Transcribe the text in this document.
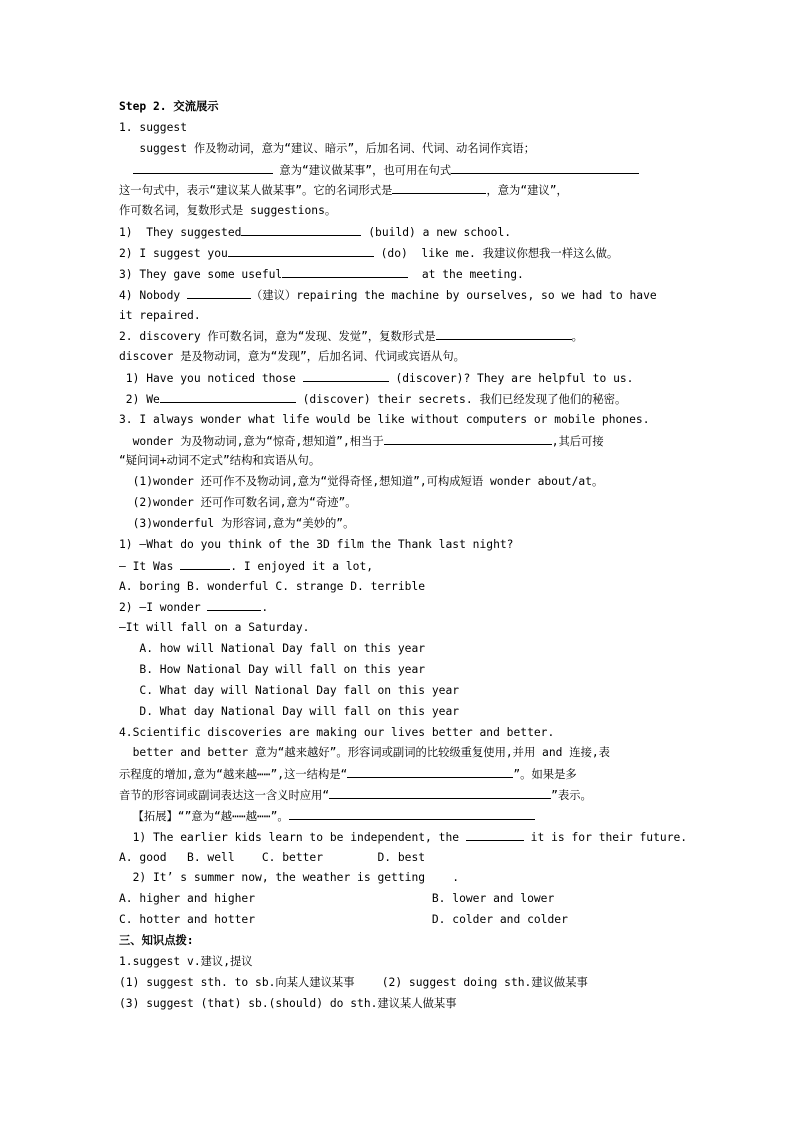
Step 2. 交流展示
1. suggest
suggest 作及物动词，意为“建议、暗示”，后加名词、代词、动名词作宾语；
意为“建议做某事”，也可用在句式
这一句式中，表示“建议某人做某事”。它的名词形式是	，意为“建议”，
作可数名词，复数形式是 suggestions。
1)  They suggested	(build) a new school.
2) I suggest you	(do)  like me. 我建议你想我一样这么做。
3) They gave some useful	at the meeting.
4) Nobody	（建议）repairing the machine by ourselves, so we had to have
it repaired.
2. discovery 作可数名词，意为“发现、发觉”，复数形式是	。
discover 是及物动词，意为“发现”，后加名词、代词或宾语从句。
1) Have you noticed those	(discover)? They are helpful to us.
2) We	(discover) their secrets. 我们已经发现了他们的秘密。
3. I always wonder what life would be like without computers or mobile phones.
wonder 为及物动词,意为“惊奇,想知道”,相当于	,其后可接
“疑问词+动词不定式”结构和宾语从句。
(1)wonder 还可作不及物动词,意为“觉得奇怪,想知道”,可构成短语 wonder about/at。
(2)wonder 还可作可数名词,意为“奇迹”。
(3)wonderful 为形容词,意为“美妙的”。
1) —What do you think of the 3D film the Thank last night?
— It Was	. I enjoyed it a lot,
A. boring B. wonderful C. strange D. terrible
2) —I wonder	.
—It will fall on a Saturday.
A. how will National Day fall on this year
B. How National Day will fall on this year
C. What day will National Day fall on this year
D. What day National Day will fall on this year
4.Scientific discoveries are making our lives better and better.
better and better 意为“越来越好”。形容词或副词的比较级重复使用,并用 and 连接,表
示程度的增加,意为“越来越⋯⋯”,这一结构是“	”。如果是多
音节的形容词或副词表达这一含义时应用“	”表示。
【拓展】“”意为“越⋯⋯越⋯⋯”。
1) The earlier kids learn to be independent, the	it is for their future.
A. good   B. well    C. better        D. best
2) It’ s summer now, the weather is getting    .
A. higher and higher                          B. lower and lower
C. hotter and hotter                          D. colder and colder
三、知识点拨:
1.suggest v.建议,提议
(1) suggest sth. to sb.向某人建议某事    (2) suggest doing sth.建议做某事
(3) suggest (that) sb.(should) do sth.建议某人做某事
